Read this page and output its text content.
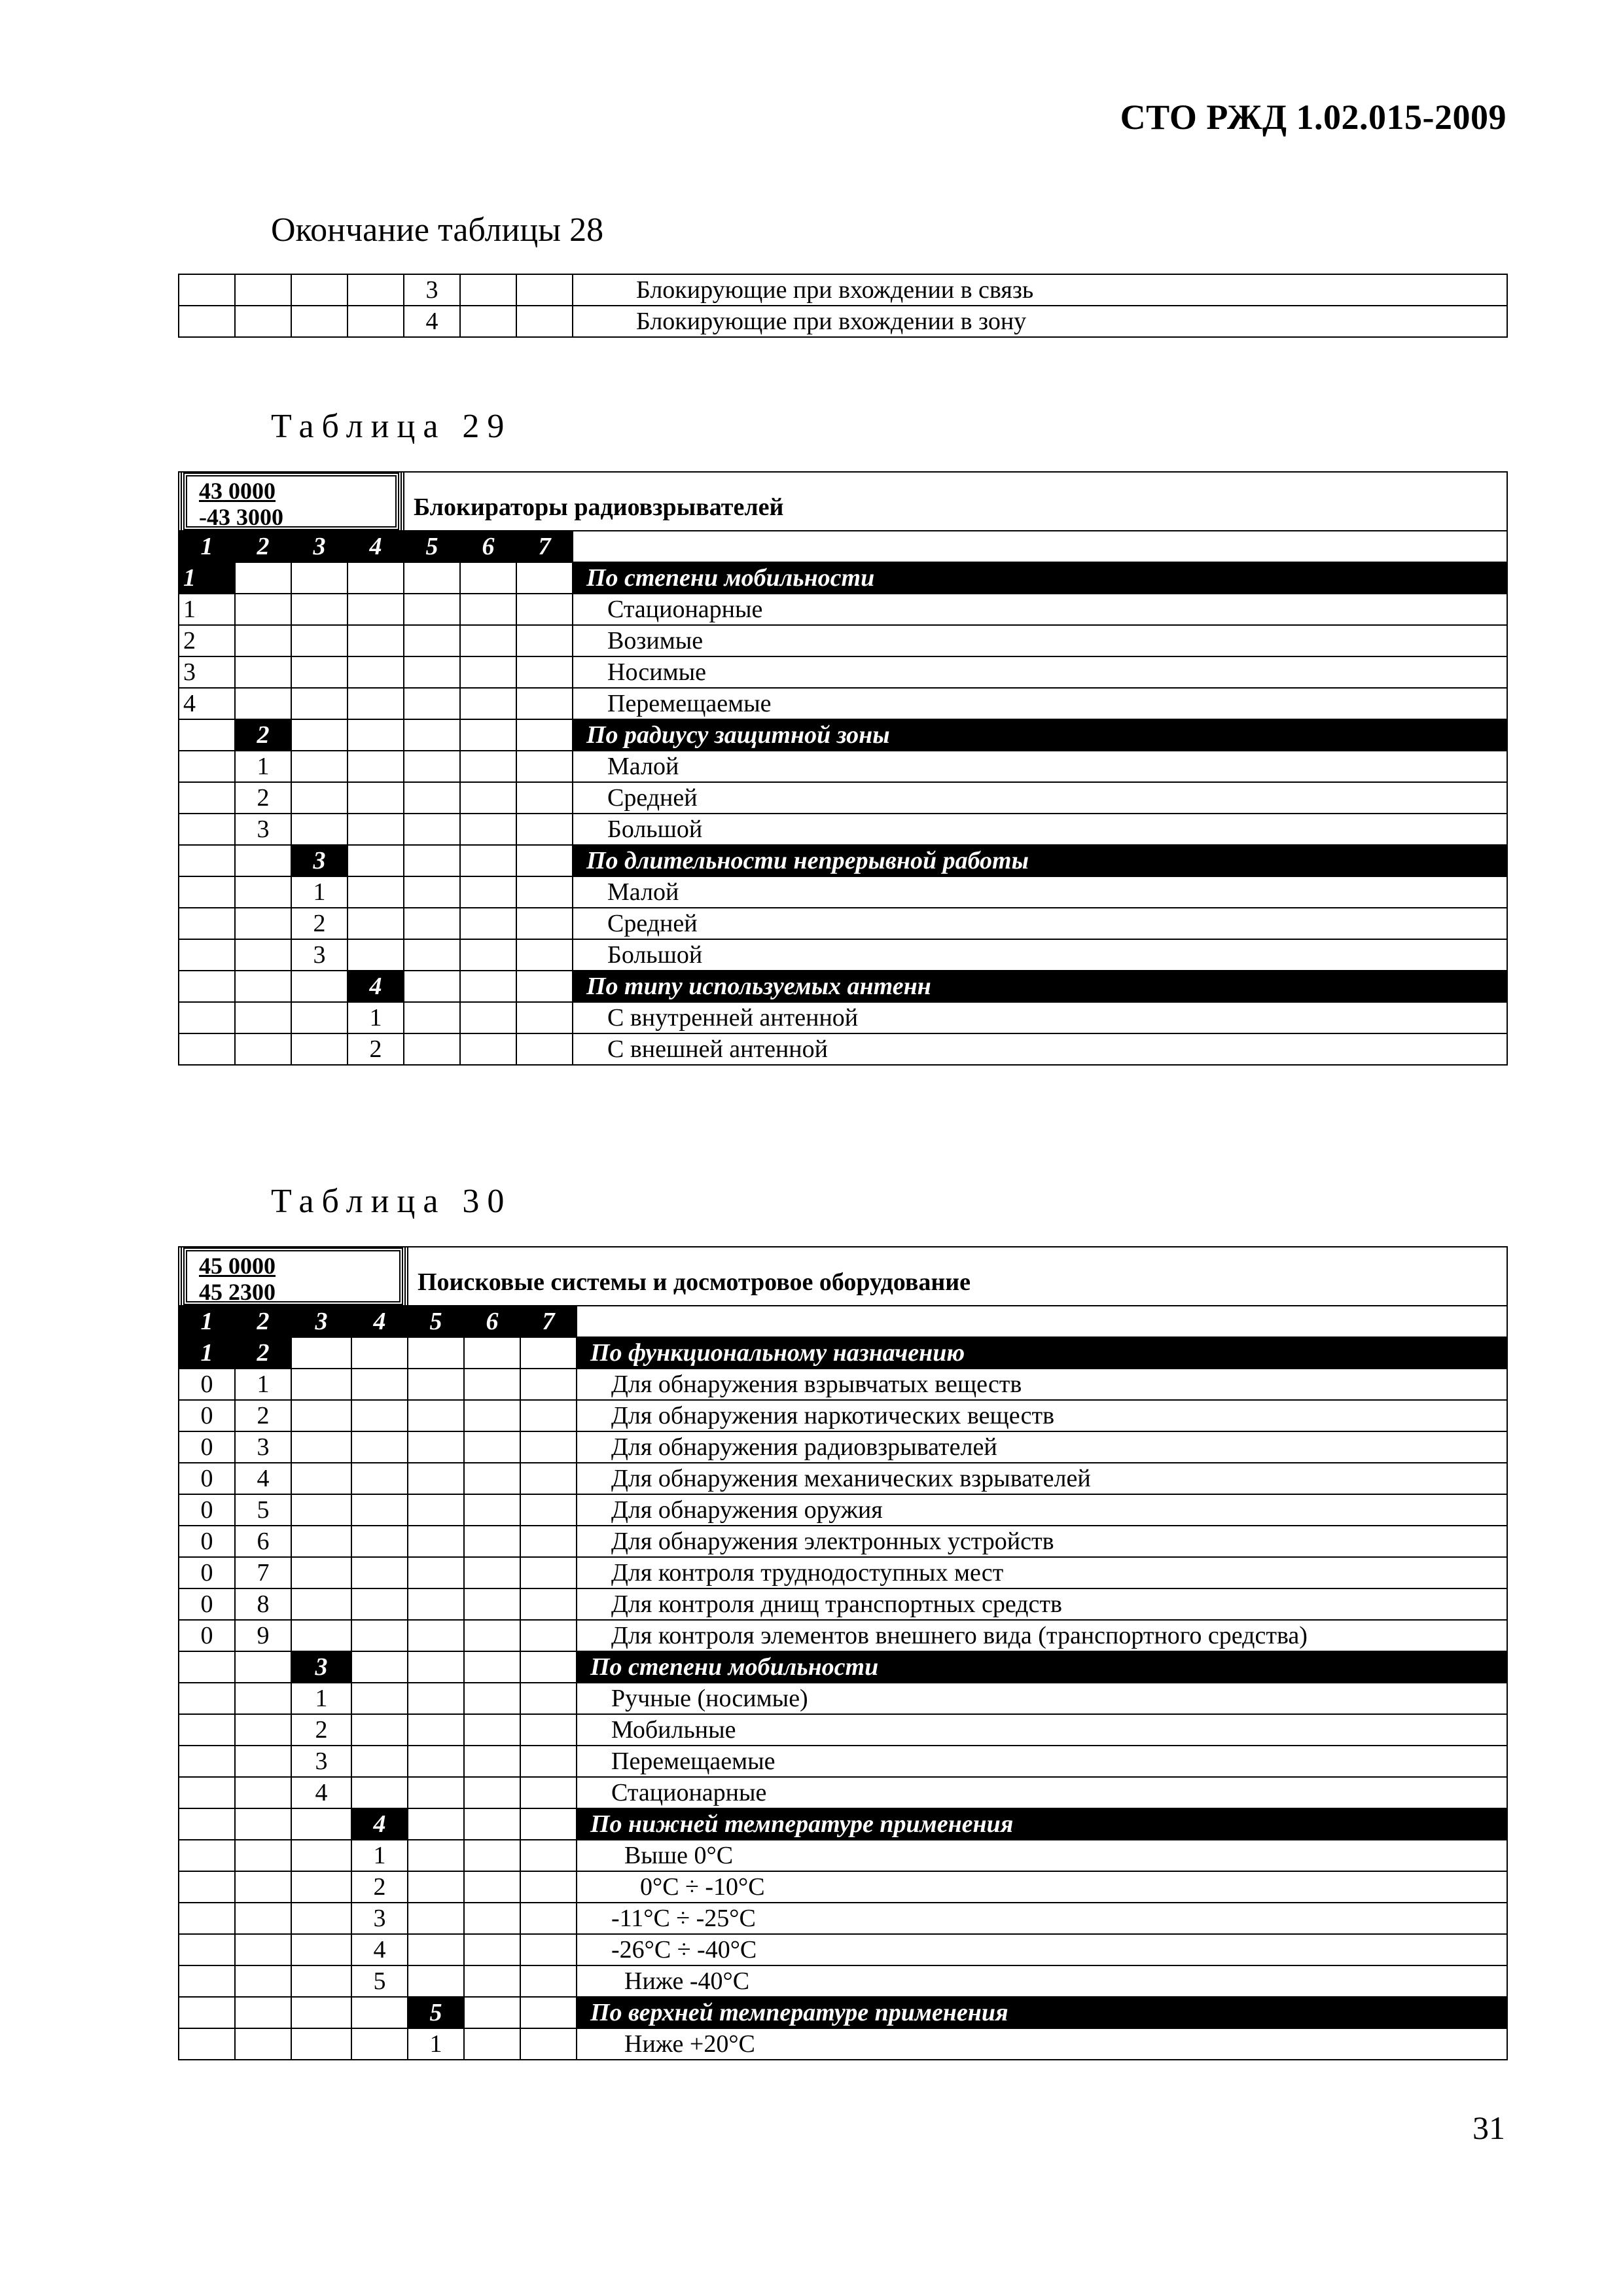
СТО РЖД 1.02.015-2009
Окончание таблицы 28
				3			Блокирующие при вхождении в связь
				4			Блокирующие при вхождении в зону
Таблица 29
43 0000
-43 3000				Блокираторы радиовзрывателей			
1	2	3	4	5	6	7	
1							По степени мобильности
1							Стационарные
2							Возимые
3							Носимые
4							Перемещаемые
	2						По радиусу защитной зоны
	1						Малой
	2						Средней
	3						Большой
		3					По длительности непрерывной работы
		1					Малой
		2					Средней
		3					Большой
			4				По типу используемых антенн
			1				С внутренней антенной
			2				С внешней антенной
Таблица 30
45 0000
45 2300				Поисковые системы и досмотровое оборудование			
1	2	3	4	5	6	7	
1	2						По функциональному назначению
0	1						Для обнаружения взрывчатых веществ
0	2						Для обнаружения наркотических веществ
0	3						Для обнаружения радиовзрывателей
0	4						Для обнаружения механических взрывателей
0	5						Для обнаружения оружия
0	6						Для обнаружения электронных устройств
0	7						Для контроля труднодоступных мест
0	8						Для контроля днищ транспортных средств
0	9						Для контроля элементов внешнего вида (транспортного средства)
		3					По степени мобильности
		1					Ручные (носимые)
		2					Мобильные
		3					Перемещаемые
		4					Стационарные
			4				По нижней температуре применения
			1				Выше 0°С
			2				0°С ÷ -10°С
			3				-11°С ÷ -25°С
			4				-26°С ÷ -40°С
			5				Ниже -40°С
				5			По верхней температуре применения
				1			Ниже +20°С
31
